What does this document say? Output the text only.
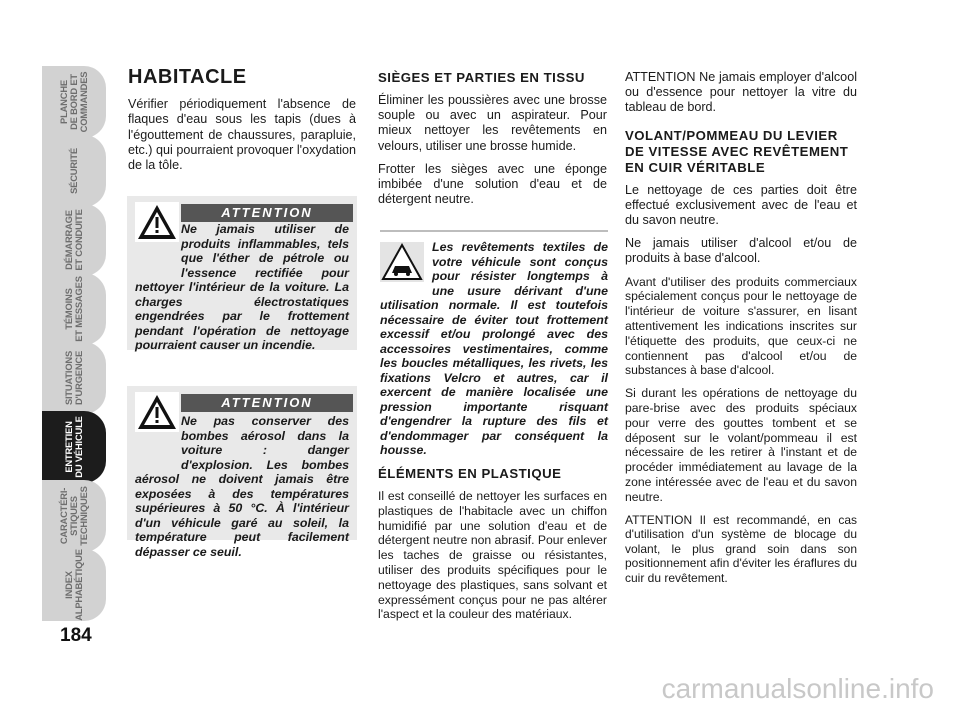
PLANCHE
DE BORD ET
COMMANDES
SÉCURITÉ
DÉMARRAGE
ET CONDUITE
TÉMOINS
ET MESSAGES
SITUATIONS
D'URGENCE
ENTRETIEN
DU VÉHICULE
CARACTÉRI-
STIQUES
TECHNIQUES
INDEX
ALPHABÉTIQUE
184
HABITACLE

Vérifier périodiquement l'absence de flaques d'eau sous les tapis (dues à l'égouttement de chaussures, parapluie, etc.) qui pourraient provoquer l'oxydation de la tôle.

ATTENTION
Ne jamais utiliser de produits inflammables, tels que l'éther de pétrole ou l'essence rectifiée pour nettoyer l'intérieur de la voiture. La charges électrostatiques engendrées par le frottement pendant l'opération de nettoyage pourraient causer un incendie.
ATTENTION
Ne pas conserver des bombes aérosol dans la voiture : danger d'explosion. Les bombes aérosol ne doivent jamais être exposées à des températures supérieures à 50 °C. À l'intérieur d'un véhicule garé au soleil, la température peut facilement dépasser ce seuil.
SIÈGES ET PARTIES EN TISSU

Éliminer les poussières avec une brosse souple ou avec un aspirateur. Pour mieux nettoyer les revêtements en velours, utiliser une brosse humide.

Frotter les sièges avec une éponge imbibée d'une solution d'eau et de détergent neutre.

Les revêtements textiles de votre véhicule sont conçus pour résister longtemps à une usure dérivant d'une utilisation normale. Il est toutefois nécessaire de éviter tout frottement excessif et/ou prolongé avec des accessoires vestimentaires, comme les boucles métalliques, les rivets, les fixations Velcro et autres, car il exercent de manière localisée une pression importante risquant d'engendrer la rupture des fils et d'endommager par conséquent la housse.
ÉLÉMENTS EN PLASTIQUE

Il est conseillé de nettoyer les surfaces en plastiques de l'habitacle avec un chiffon humidifié par une solution d'eau et de détergent neutre non abrasif. Pour enlever les taches de graisse ou résistantes, utiliser des produits spécifiques pour le nettoyage des plastiques, sans solvant et expressément conçus pour ne pas altérer l'aspect et la couleur des matériaux.

ATTENTION Ne jamais employer d'alcool ou d'essence pour nettoyer la vitre du tableau de bord.

VOLANT/POMMEAU DU LEVIER DE VITESSE AVEC REVÊTEMENT EN CUIR VÉRITABLE

Le nettoyage de ces parties doit être effectué exclusivement avec de l'eau et du savon neutre.

Ne jamais utiliser d'alcool et/ou de produits à base d'alcool.

Avant d'utiliser des produits commerciaux spécialement conçus pour le nettoyage de l'intérieur de voiture s'assurer, en lisant attentivement les indications inscrites sur l'étiquette des produits, que ceux-ci ne contiennent pas d'alcool et/ou de substances à base d'alcool.

Si durant les opérations de nettoyage du pare-brise avec des produits spéciaux pour verre des gouttes tombent et se déposent sur le volant/pommeau il est nécessaire de les retirer à l'instant et de procéder immédiatement au lavage de la zone intéressée avec de l'eau et du savon neutre.

ATTENTION Il est recommandé, en cas d'utilisation d'un système de blocage du volant, le plus grand soin dans son positionnement afin d'éviter les éraflures du cuir du revêtement.

carmanualsonline.info
